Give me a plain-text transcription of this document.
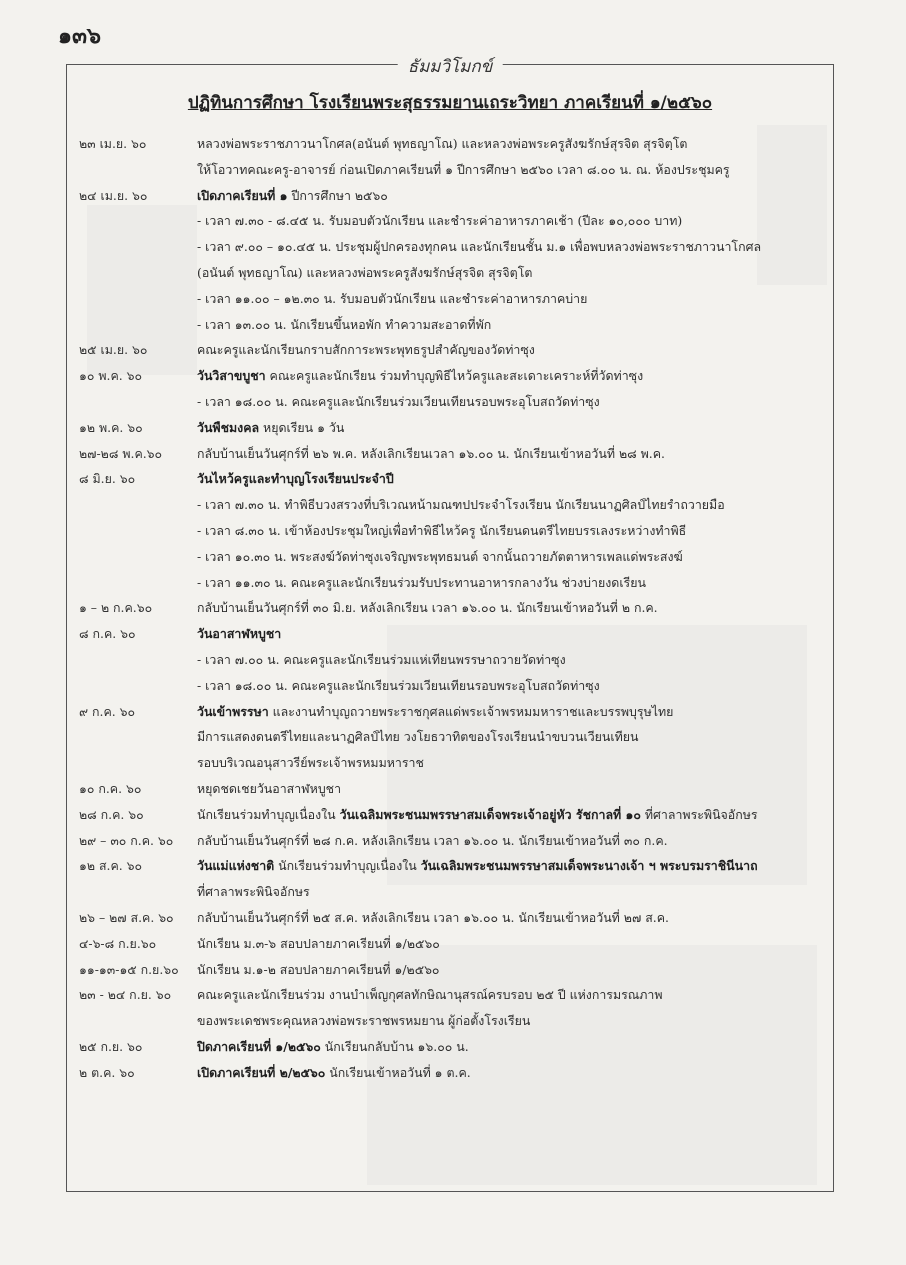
๑๓๖
ธัมมวิโมกข์
ปฏิทินการศึกษา โรงเรียนพระสุธรรมยานเถระวิทยา ภาคเรียนที่ ๑/๒๕๖๐
๒๓ เม.ย. ๖๐	หลวงพ่อพระราชภาวนาโกศล(อนันต์ พุทธญาโณ) และหลวงพ่อพระครูสังฆรักษ์สุรจิต สุรจิตฺโต
ให้โอวาทคณะครู-อาจารย์ ก่อนเปิดภาคเรียนที่ ๑ ปีการศึกษา ๒๕๖๐ เวลา ๘.๐๐ น. ณ. ห้องประชุมครู
๒๔ เม.ย. ๖๐	เปิดภาคเรียนที่ ๑ ปีการศึกษา ๒๕๖๐
- เวลา ๗.๓๐ - ๘.๔๕ น. รับมอบตัวนักเรียน และชำระค่าอาหารภาคเช้า (ปีละ ๑๐,๐๐๐ บาท)
- เวลา ๙.๐๐ – ๑๐.๔๕ น. ประชุมผู้ปกครองทุกคน และนักเรียนชั้น ม.๑ เพื่อพบหลวงพ่อพระราชภาวนาโกศล
(อนันต์ พุทธญาโณ) และหลวงพ่อพระครูสังฆรักษ์สุรจิต สุรจิตฺโต
- เวลา ๑๑.๐๐ – ๑๒.๓๐ น. รับมอบตัวนักเรียน และชำระค่าอาหารภาคบ่าย
- เวลา ๑๓.๐๐ น. นักเรียนขึ้นหอพัก ทำความสะอาดที่พัก
๒๕ เม.ย. ๖๐	คณะครูและนักเรียนกราบสักการะพระพุทธรูปสำคัญของวัดท่าซุง
๑๐ พ.ค. ๖๐	วันวิสาขบูชา คณะครูและนักเรียน ร่วมทำบุญพิธีไหว้ครูและสะเดาะเคราะห์ที่วัดท่าซุง
- เวลา ๑๘.๐๐ น. คณะครูและนักเรียนร่วมเวียนเทียนรอบพระอุโบสถวัดท่าซุง
๑๒ พ.ค. ๖๐	วันพืชมงคล หยุดเรียน ๑ วัน
๒๗-๒๘ พ.ค.๖๐	กลับบ้านเย็นวันศุกร์ที่ ๒๖ พ.ค. หลังเลิกเรียนเวลา ๑๖.๐๐ น. นักเรียนเข้าหอวันที่ ๒๘ พ.ค.
๘ มิ.ย. ๖๐	วันไหว้ครูและทำบุญโรงเรียนประจำปี
- เวลา ๗.๓๐ น. ทำพิธีบวงสรวงที่บริเวณหน้ามณฑปประจำโรงเรียน นักเรียนนาฏศิลป์ไทยรำถวายมือ
- เวลา ๘.๓๐ น. เข้าห้องประชุมใหญ่เพื่อทำพิธีไหว้ครู นักเรียนดนตรีไทยบรรเลงระหว่างทำพิธี
- เวลา ๑๐.๓๐ น. พระสงฆ์วัดท่าซุงเจริญพระพุทธมนต์ จากนั้นถวายภัตตาหารเพลแด่พระสงฆ์
- เวลา ๑๑.๓๐ น. คณะครูและนักเรียนร่วมรับประทานอาหารกลางวัน ช่วงบ่ายงดเรียน
๑ – ๒ ก.ค.๖๐	กลับบ้านเย็นวันศุกร์ที่ ๓๐ มิ.ย. หลังเลิกเรียน เวลา ๑๖.๐๐ น. นักเรียนเข้าหอวันที่ ๒ ก.ค.
๘ ก.ค. ๖๐	วันอาสาฬหบูชา
- เวลา ๗.๐๐ น. คณะครูและนักเรียนร่วมแห่เทียนพรรษาถวายวัดท่าซุง
- เวลา ๑๘.๐๐ น. คณะครูและนักเรียนร่วมเวียนเทียนรอบพระอุโบสถวัดท่าซุง
๙ ก.ค. ๖๐	วันเข้าพรรษา และงานทำบุญถวายพระราชกุศลแด่พระเจ้าพรหมมหาราชและบรรพบุรุษไทย
มีการแสดงดนตรีไทยและนาฏศิลป์ไทย วงโยธวาทิตของโรงเรียนนำขบวนเวียนเทียน
รอบบริเวณอนุสาวรีย์พระเจ้าพรหมมหาราช
๑๐ ก.ค. ๖๐	หยุดชดเชยวันอาสาฬหบูชา
๒๘ ก.ค. ๖๐	นักเรียนร่วมทำบุญเนื่องใน วันเฉลิมพระชนมพรรษาสมเด็จพระเจ้าอยู่หัว รัชกาลที่ ๑๐ ที่ศาลาพระพินิจอักษร
๒๙ – ๓๐ ก.ค. ๖๐	กลับบ้านเย็นวันศุกร์ที่ ๒๘ ก.ค. หลังเลิกเรียน เวลา ๑๖.๐๐ น. นักเรียนเข้าหอวันที่ ๓๐ ก.ค.
๑๒ ส.ค. ๖๐	วันแม่แห่งชาติ นักเรียนร่วมทำบุญเนื่องใน วันเฉลิมพระชนมพรรษาสมเด็จพระนางเจ้า ฯ พระบรมราชินีนาถ
ที่ศาลาพระพินิจอักษร
๒๖ – ๒๗ ส.ค. ๖๐	กลับบ้านเย็นวันศุกร์ที่ ๒๕ ส.ค. หลังเลิกเรียน เวลา ๑๖.๐๐ น. นักเรียนเข้าหอวันที่ ๒๗ ส.ค.
๔-๖-๘ ก.ย.๖๐	นักเรียน ม.๓-๖ สอบปลายภาคเรียนที่ ๑/๒๕๖๐
๑๑-๑๓-๑๕ ก.ย.๖๐	นักเรียน ม.๑-๒ สอบปลายภาคเรียนที่ ๑/๒๕๖๐
๒๓ - ๒๔ ก.ย. ๖๐	คณะครูและนักเรียนร่วม งานบำเพ็ญกุศลทักษิณานุสรณ์ครบรอบ ๒๕ ปี แห่งการมรณภาพ
ของพระเดชพระคุณหลวงพ่อพระราชพรหมยาน ผู้ก่อตั้งโรงเรียน
๒๕ ก.ย. ๖๐	ปิดภาคเรียนที่ ๑/๒๕๖๐ นักเรียนกลับบ้าน ๑๖.๐๐ น.
๒ ต.ค. ๖๐	เปิดภาคเรียนที่ ๒/๒๕๖๐ นักเรียนเข้าหอวันที่ ๑ ต.ค.
